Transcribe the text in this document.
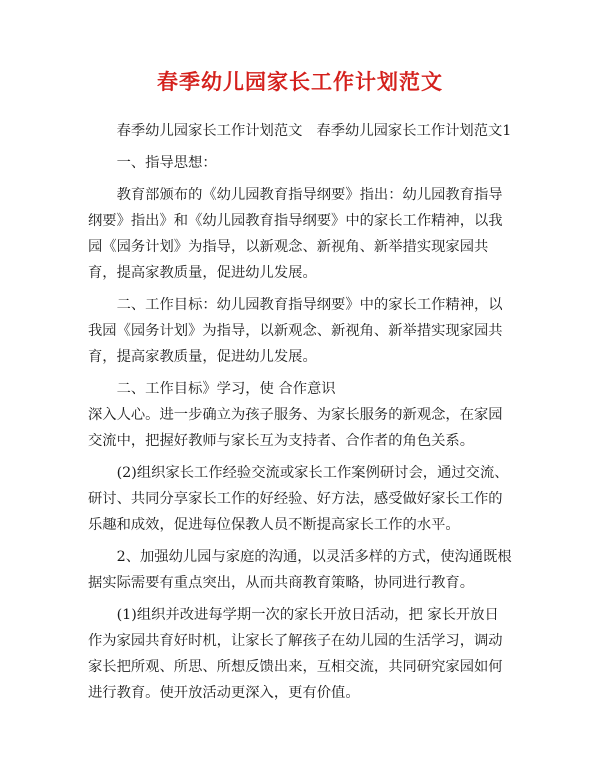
春季幼儿园家长工作计划范文

春季幼儿园家长工作计划范文 春季幼儿园家长工作计划范文1

一、指导思想：

教育部颁布的《幼儿园教育指导纲要》指出：幼儿园教育指导纲要》指出》和《幼儿园教育指导纲要》中的家长工作精神，以我园《园务计划》为指导，以新观念、新视角、新举措实现家园共育，提高家教质量，促进幼儿发展。

二、工作目标：幼儿园教育指导纲要》中的家长工作精神，以我园《园务计划》为指导，以新观念、新视角、新举措实现家园共育，提高家教质量，促进幼儿发展。

二、工作目标》学习，使 合作意识

深入人心。进一步确立为孩子服务、为家长服务的新观念，在家园交流中，把握好教师与家长互为支持者、合作者的角色关系。

(2)组织家长工作经验交流或家长工作案例研讨会，通过交流、研讨、共同分享家长工作的好经验、好方法，感受做好家长工作的乐趣和成效，促进每位保教人员不断提高家长工作的水平。

2、加强幼儿园与家庭的沟通，以灵活多样的方式，使沟通既根据实际需要有重点突出，从而共商教育策略，协同进行教育。

(1)组织并改进每学期一次的家长开放日活动，把 家长开放日作为家园共育好时机，让家长了解孩子在幼儿园的生活学习，调动家长把所观、所思、所想反馈出来，互相交流，共同研究家园如何进行教育。使开放活动更深入，更有价值。
